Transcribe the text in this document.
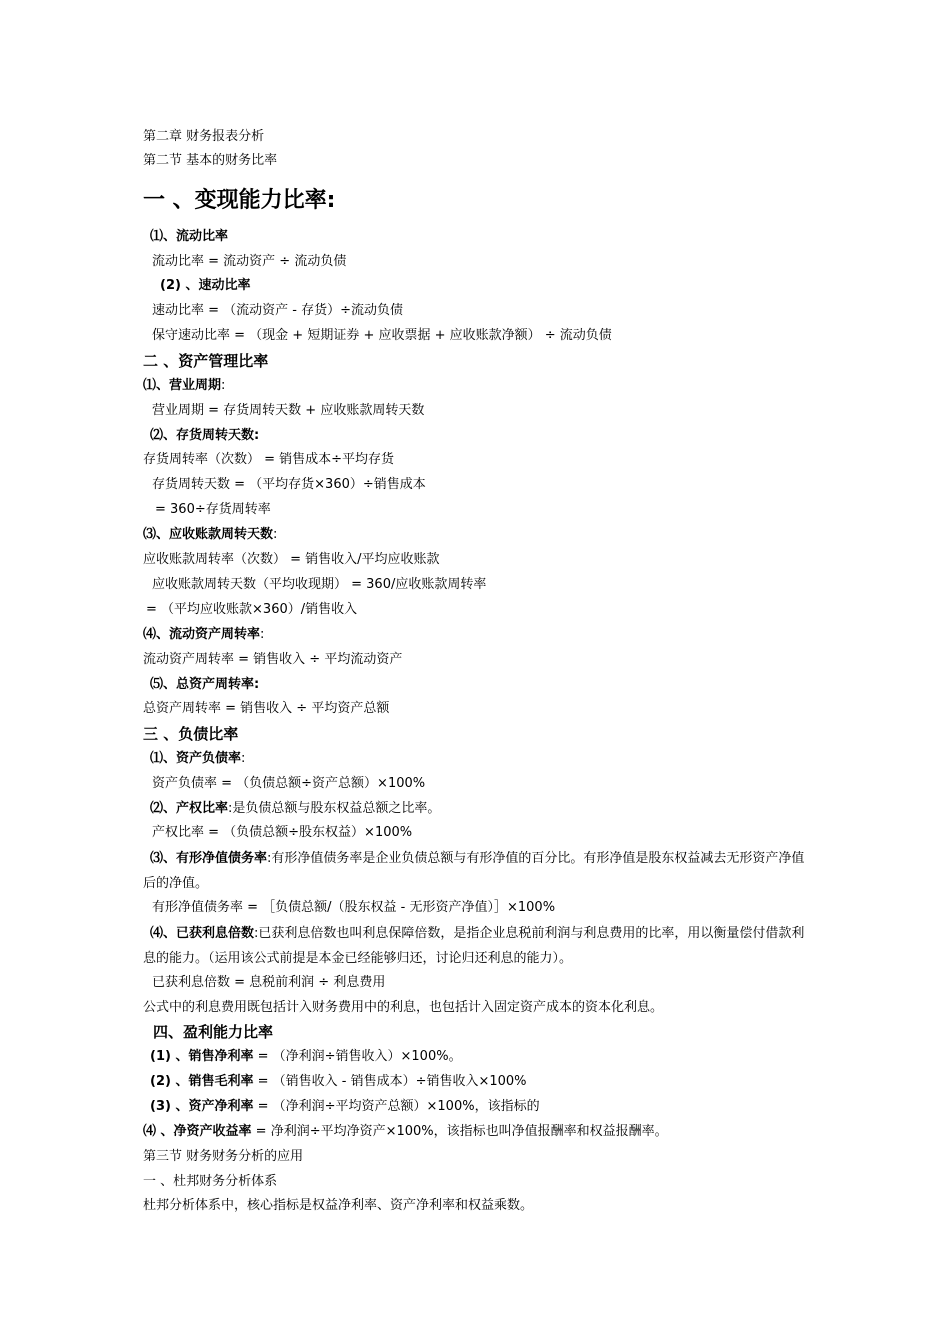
第二章 财务报表分析
第二节 基本的财务比率
一 、变现能力比率:
⑴、流动比率
流动比率 = 流动资产 ÷ 流动负债
(2) 、速动比率
速动比率 = （流动资产 - 存货）÷流动负债
保守速动比率 = （现金 + 短期证券 + 应收票据 + 应收账款净额） ÷ 流动负债
二 、资产管理比率
⑴、营业周期:
营业周期 = 存货周转天数 + 应收账款周转天数
⑵、存货周转天数:
存货周转率（次数） = 销售成本÷平均存货
存货周转天数 = （平均存货×360）÷销售成本
= 360÷存货周转率
⑶、应收账款周转天数:
应收账款周转率（次数） = 销售收入/平均应收账款
应收账款周转天数（平均收现期） = 360/应收账款周转率
= （平均应收账款×360）/销售收入
⑷、流动资产周转率:
流动资产周转率 = 销售收入 ÷ 平均流动资产
⑸、总资产周转率:
总资产周转率 = 销售收入 ÷ 平均资产总额
三 、负债比率
⑴、资产负债率:
资产负债率 = （负债总额÷资产总额）×100%
⑵、产权比率:是负债总额与股东权益总额之比率。
产权比率 = （负债总额÷股东权益）×100%
⑶、有形净值债务率:有形净值债务率是企业负债总额与有形净值的百分比。有形净值是股东权益减去无形资产净值后的净值。
有形净值债务率 = ［负债总额/（股东权益 - 无形资产净值）］×100%
⑷、已获利息倍数:已获利息倍数也叫利息保障倍数，是指企业息税前利润与利息费用的比率，用以衡量偿付借款利息的能力。（运用该公式前提是本金已经能够归还，讨论归还利息的能力）。
已获利息倍数 = 息税前利润 ÷ 利息费用
公式中的利息费用既包括计入财务费用中的利息，也包括计入固定资产成本的资本化利息。
四、盈利能力比率
(1) 、销售净利率 = （净利润÷销售收入）×100%。
(2) 、销售毛利率 = （销售收入 - 销售成本）÷销售收入×100%
(3) 、资产净利率 = （净利润÷平均资产总额）×100%，该指标的
⑷ 、净资产收益率 = 净利润÷平均净资产×100%，该指标也叫净值报酬率和权益报酬率。
第三节 财务财务分析的应用
一 、杜邦财务分析体系
杜邦分析体系中，核心指标是权益净利率、资产净利率和权益乘数。
